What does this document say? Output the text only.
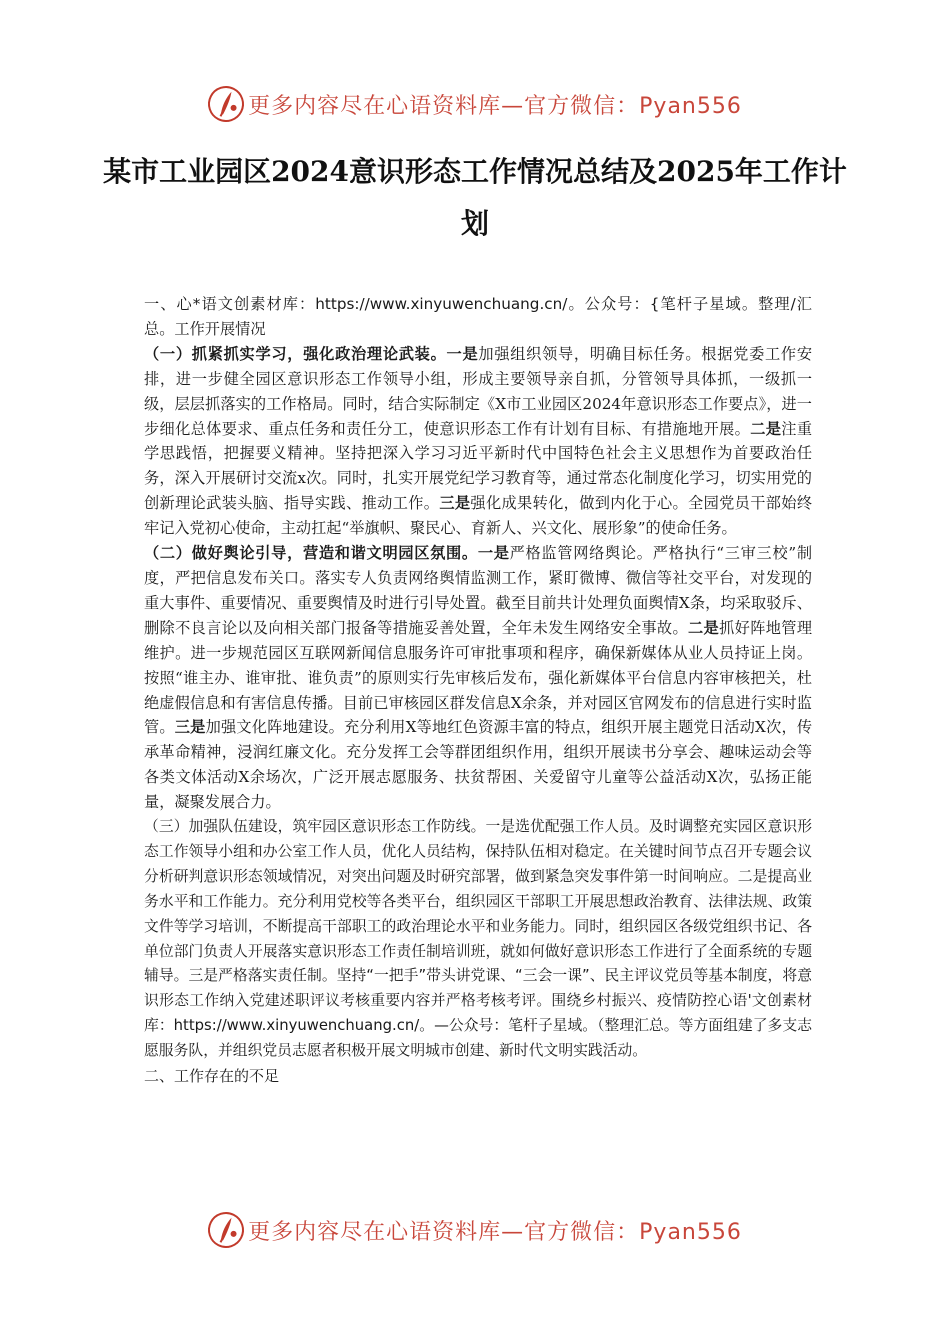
更多内容尽在心语资料库—官方微信：Pyan556
某市工业园区2024意识形态工作情况总结及2025年工作计划

一、心*语文创素材库：https://www.xinyuwenchuang.cn/。公众号：{笔杆子星域。整理/汇总。工作开展情况

（一）抓紧抓实学习，强化政治理论武装。一是加强组织领导，明确目标任务。根据党委工作安排，进一步健全园区意识形态工作领导小组，形成主要领导亲自抓，分管领导具体抓，一级抓一级，层层抓落实的工作格局。同时，结合实际制定《X市工业园区2024年意识形态工作要点》，进一步细化总体要求、重点任务和责任分工，使意识形态工作有计划有目标、有措施地开展。二是注重学思践悟，把握要义精神。坚持把深入学习习近平新时代中国特色社会主义思想作为首要政治任务，深入开展研讨交流x次。同时，扎实开展党纪学习教育等，通过常态化制度化学习，切实用党的创新理论武装头脑、指导实践、推动工作。三是强化成果转化，做到内化于心。全园党员干部始终牢记入党初心使命，主动扛起“举旗帜、聚民心、育新人、兴文化、展形象”的使命任务。

（二）做好舆论引导，营造和谐文明园区氛围。一是严格监管网络舆论。严格执行“三审三校”制度，严把信息发布关口。落实专人负责网络舆情监测工作，紧盯微博、微信等社交平台，对发现的重大事件、重要情况、重要舆情及时进行引导处置。截至目前共计处理负面舆情X条，均采取驳斥、删除不良言论以及向相关部门报备等措施妥善处置，全年未发生网络安全事故。二是抓好阵地管理维护。进一步规范园区互联网新闻信息服务许可审批事项和程序，确保新媒体从业人员持证上岗。按照“谁主办、谁审批、谁负责”的原则实行先审核后发布，强化新媒体平台信息内容审核把关，杜绝虚假信息和有害信息传播。目前已审核园区群发信息X余条，并对园区官网发布的信息进行实时监管。三是加强文化阵地建设。充分利用X等地红色资源丰富的特点，组织开展主题党日活动X次，传承革命精神，浸润红廉文化。充分发挥工会等群团组织作用，组织开展读书分享会、趣味运动会等各类文体活动X余场次，广泛开展志愿服务、扶贫帮困、关爱留守儿童等公益活动X次，弘扬正能量，凝聚发展合力。

（三）加强队伍建设，筑牢园区意识形态工作防线。一是选优配强工作人员。及时调整充实园区意识形态工作领导小组和办公室工作人员，优化人员结构，保持队伍相对稳定。在关键时间节点召开专题会议分析研判意识形态领域情况，对突出问题及时研究部署，做到紧急突发事件第一时间响应。二是提高业务水平和工作能力。充分利用党校等各类平台，组织园区干部职工开展思想政治教育、法律法规、政策文件等学习培训，不断提高干部职工的政治理论水平和业务能力。同时，组织园区各级党组织书记、各单位部门负责人开展落实意识形态工作责任制培训班，就如何做好意识形态工作进行了全面系统的专题辅导。三是严格落实责任制。坚持“一把手”带头讲党课、“三会一课”、民主评议党员等基本制度，将意识形态工作纳入党建述职评议考核重要内容并严格考核考评。围绕乡村振兴、疫情防控心语'文创素材库：https://www.xinyuwenchuang.cn/。—公众号：笔杆子星域。（整理汇总。等方面组建了多支志愿服务队，并组织党员志愿者积极开展文明城市创建、新时代文明实践活动。

二、工作存在的不足

更多内容尽在心语资料库—官方微信：Pyan556
